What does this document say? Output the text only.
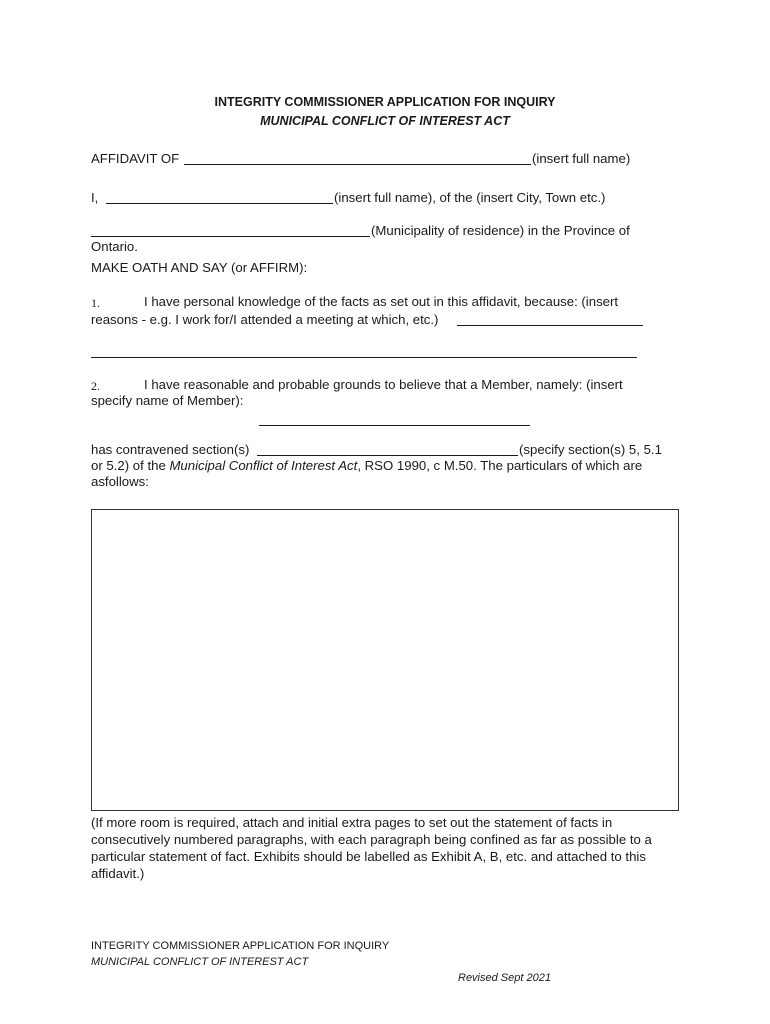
INTEGRITY COMMISSIONER APPLICATION FOR INQUIRY
MUNICIPAL CONFLICT OF INTEREST ACT
AFFIDAVIT OF	(insert full name)
I,	(insert full name), of the (insert City, Town etc.)
(Municipality of residence) in the Province of
Ontario.
MAKE OATH AND SAY (or AFFIRM):
1.	I have personal knowledge of the facts as set out in this affidavit, because: (insert
reasons - e.g. I work for/I attended a meeting at which, etc.)
2.	I have reasonable and probable grounds to believe that a Member, namely: (insert
specify name of Member):
has contravened section(s)	(specify section(s) 5, 5.1
or 5.2) of the Municipal Conflict of Interest Act, RSO 1990, c M.50. The particulars of which are
asfollows:
(If more room is required, attach and initial extra pages to set out the statement of facts in
consecutively numbered paragraphs, with each paragraph being confined as far as possible to a
particular statement of fact. Exhibits should be labelled as Exhibit A, B, etc. and attached to this
affidavit.)
INTEGRITY COMMISSIONER APPLICATION FOR INQUIRY
MUNICIPAL CONFLICT OF INTEREST ACT
Revised Sept 2021
